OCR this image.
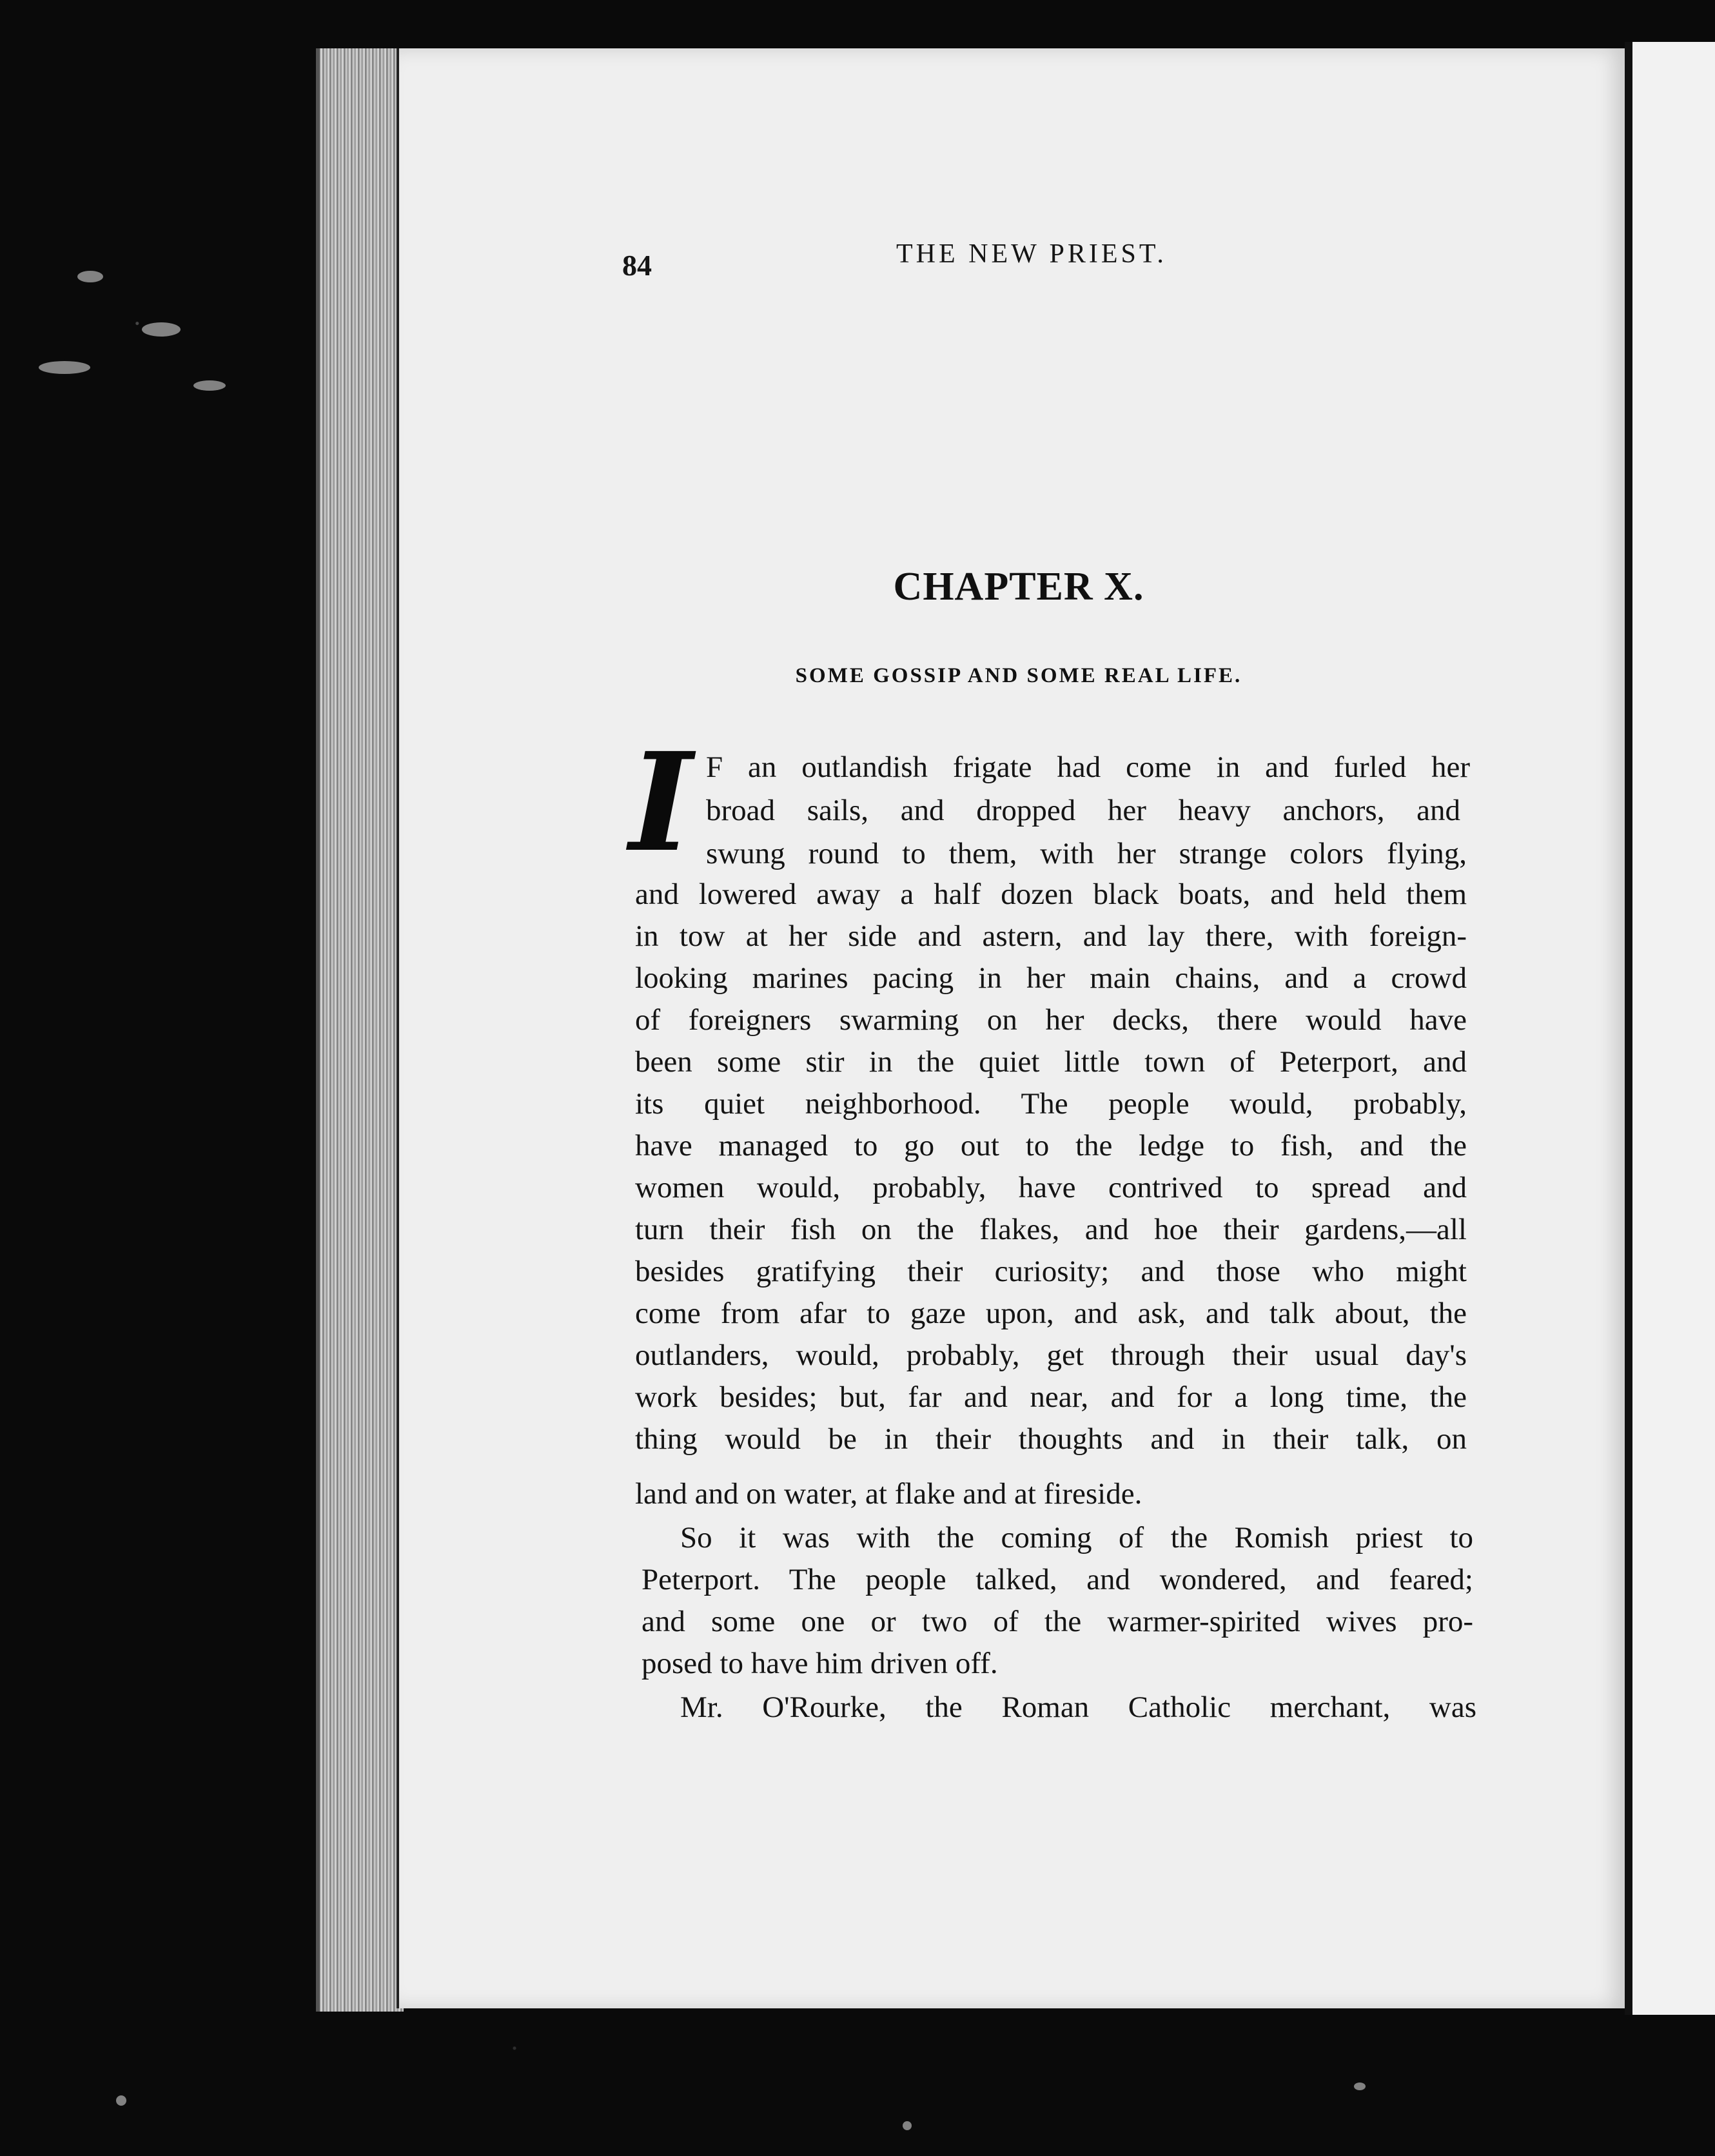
84	THE NEW PRIEST.
CHAPTER X.
SOME GOSSIP AND SOME REAL LIFE.
I F an outlandish frigate had come in and furled her
broad sails, and dropped her heavy anchors, and
swung round to them, with her strange colors flying,
and lowered away a half dozen black boats, and held them
in tow at her side and astern, and lay there, with foreign-
looking marines pacing in her main chains, and a crowd
of foreigners swarming on her decks, there would have
been some stir in the quiet little town of Peterport, and
its quiet neighborhood. The people would, probably,
have managed to go out to the ledge to fish, and the
women would, probably, have contrived to spread and
turn their fish on the flakes, and hoe their gardens,—all
besides gratifying their curiosity; and those who might
come from afar to gaze upon, and ask, and talk about, the
outlanders, would, probably, get through their usual day's
work besides; but, far and near, and for a long time, the
thing would be in their thoughts and in their talk, on
land and on water, at flake and at fireside.
So it was with the coming of the Romish priest to
Peterport. The people talked, and wondered, and feared;
and some one or two of the warmer-spirited wives pro-
posed to have him driven off.
Mr. O'Rourke, the Roman Catholic merchant, was
